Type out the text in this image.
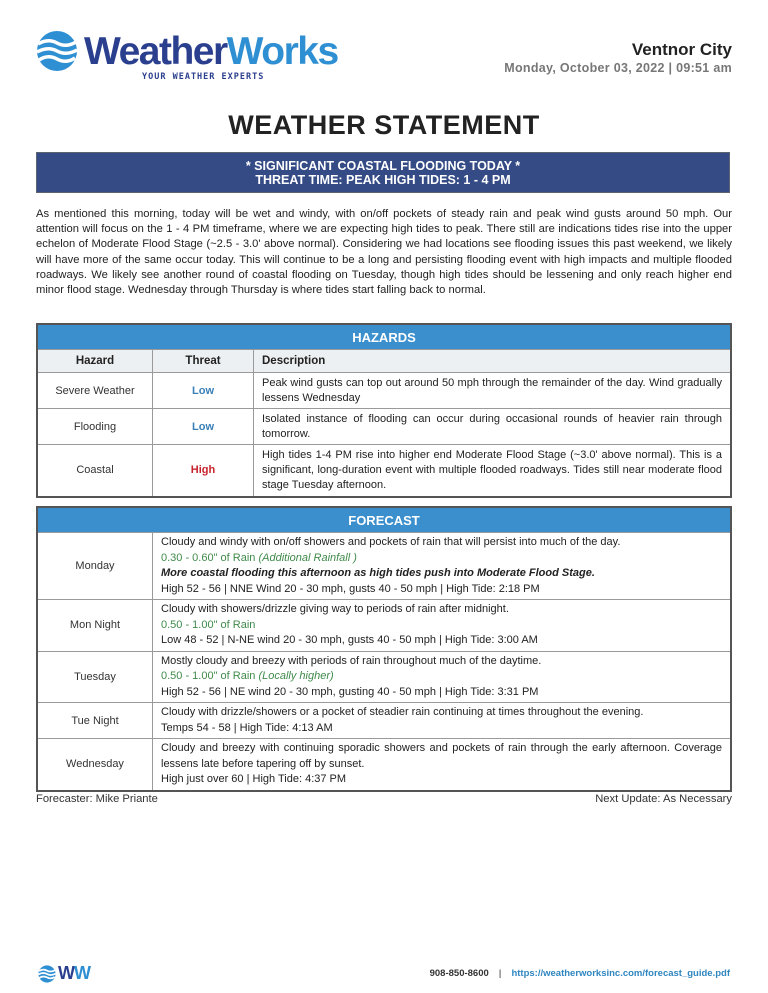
WeatherWorks
YOUR WEATHER EXPERTS
Ventnor City
Monday, October 03, 2022 | 09:51 am
WEATHER STATEMENT
* SIGNIFICANT COASTAL FLOODING TODAY *
THREAT TIME: PEAK HIGH TIDES: 1 - 4 PM
As mentioned this morning, today will be wet and windy, with on/off pockets of steady rain and peak wind gusts around 50 mph. Our attention will focus on the 1 - 4 PM timeframe, where we are expecting high tides to peak. There still are indications tides rise into the upper echelon of Moderate Flood Stage (~2.5 - 3.0' above normal). Considering we had locations see flooding issues this past weekend, we likely will have more of the same occur today. This will continue to be a long and persisting flooding event with high impacts and multiple flooded roadways. We likely see another round of coastal flooding on Tuesday, though high tides should be lessening and only reach higher end minor flood stage. Wednesday through Thursday is where tides start falling back to normal.
HAZARDS		
Hazard	Threat	Description
Severe Weather	Low	Peak wind gusts can top out around 50 mph through the remainder of the day. Wind gradually lessens Wednesday
Flooding	Low	Isolated instance of flooding can occur during occasional rounds of heavier rain through tomorrow.
Coastal	High	High tides 1-4 PM rise into higher end Moderate Flood Stage (~3.0' above normal). This is a significant, long-duration event with multiple flooded roadways. Tides still near moderate flood stage Tuesday afternoon.
FORECAST	
Monday	Cloudy and windy with on/off showers and pockets of rain that will persist into much of the day.
0.30 - 0.60" of Rain (Additional Rainfall )
More coastal flooding this afternoon as high tides push into Moderate Flood Stage.
High 52 - 56 | NNE Wind 20 - 30 mph, gusts 40 - 50 mph | High Tide: 2:18 PM

Mon Night	Cloudy with showers/drizzle giving way to periods of rain after midnight.
0.50 - 1.00" of Rain
Low 48 - 52 | N-NE wind 20 - 30 mph, gusts 40 - 50 mph | High Tide: 3:00 AM

Tuesday	Mostly cloudy and breezy with periods of rain throughout much of the daytime.
0.50 - 1.00" of Rain (Locally higher)
High 52 - 56 | NE wind 20 - 30 mph, gusting 40 - 50 mph | High Tide: 3:31 PM

Tue Night	Cloudy with drizzle/showers or a pocket of steadier rain continuing at times throughout the evening.
Temps 54 - 58 | High Tide: 4:13 AM

Wednesday	Cloudy and breezy with continuing sporadic showers and pockets of rain through the early afternoon. Coverage lessens late before tapering off by sunset.
High just over 60 | High Tide: 4:37 PM
Forecaster: Mike Priante	Next Update: As Necessary
WW	908-850-8600 | https://weatherworksinc.com/forecast_guide.pdf
